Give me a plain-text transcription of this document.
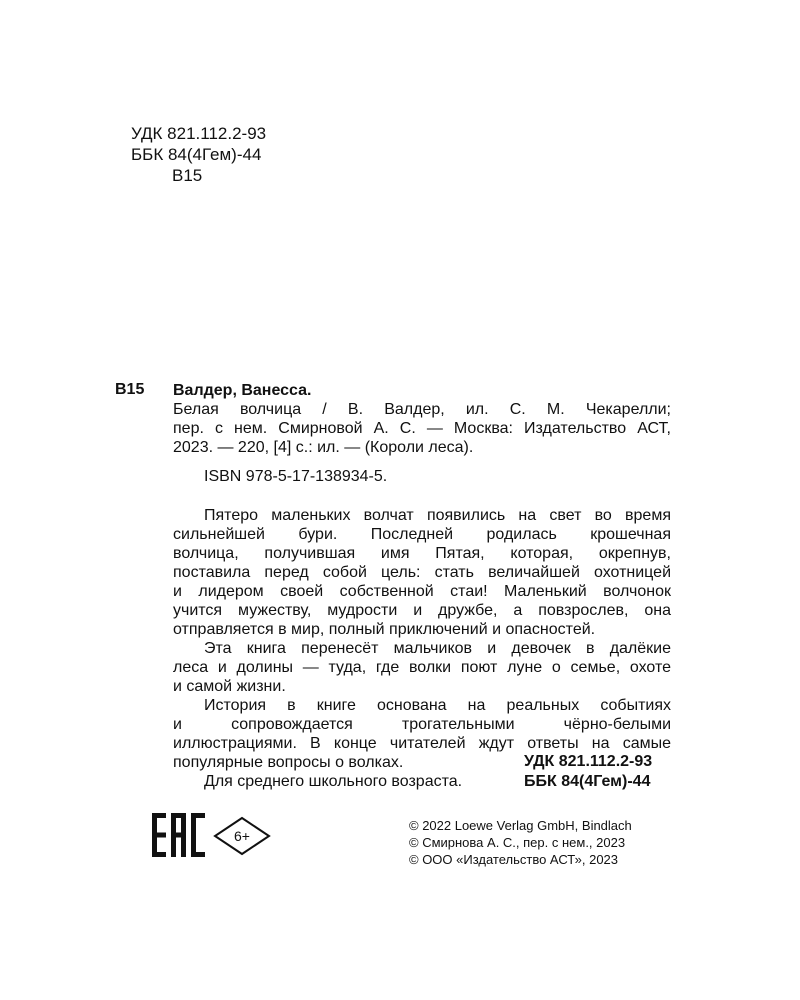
УДК 821.112.2-93
ББК 84(4Гем)-44
В15
В15 Валдер, Ванесса.
Белая волчица / В. Валдер, ил. С. М. Чекарелли;
пер. с нем. Смирновой А. С. — Москва: Издательство АСТ,
2023. — 220, [4] с.: ил. — (Короли леса).
ISBN 978-5-17-138934-5.
Пятеро маленьких волчат появились на свет во время
сильнейшей бури. Последней родилась крошечная
волчица, получившая имя Пятая, которая, окрепнув,
поставила перед собой цель: стать величайшей охотницей
и лидером своей собственной стаи! Маленький волчонок
учится мужеству, мудрости и дружбе, а повзрослев, она
отправляется в мир, полный приключений и опасностей.
Эта книга перенесёт мальчиков и девочек в далёкие
леса и долины — туда, где волки поют луне о семье, охоте
и самой жизни.
История в книге основана на реальных событиях
и сопровождается трогательными чёрно-белыми
иллюстрациями. В конце читателей ждут ответы на самые
популярные вопросы о волках.
Для среднего школьного возраста.
УДК 821.112.2-93
ББК 84(4Гем)-44
6+
© 2022 Loewe Verlag GmbH, Bindlach
© Смирнова А. С., пер. с нем., 2023
© ООО «Издательство АСТ», 2023
